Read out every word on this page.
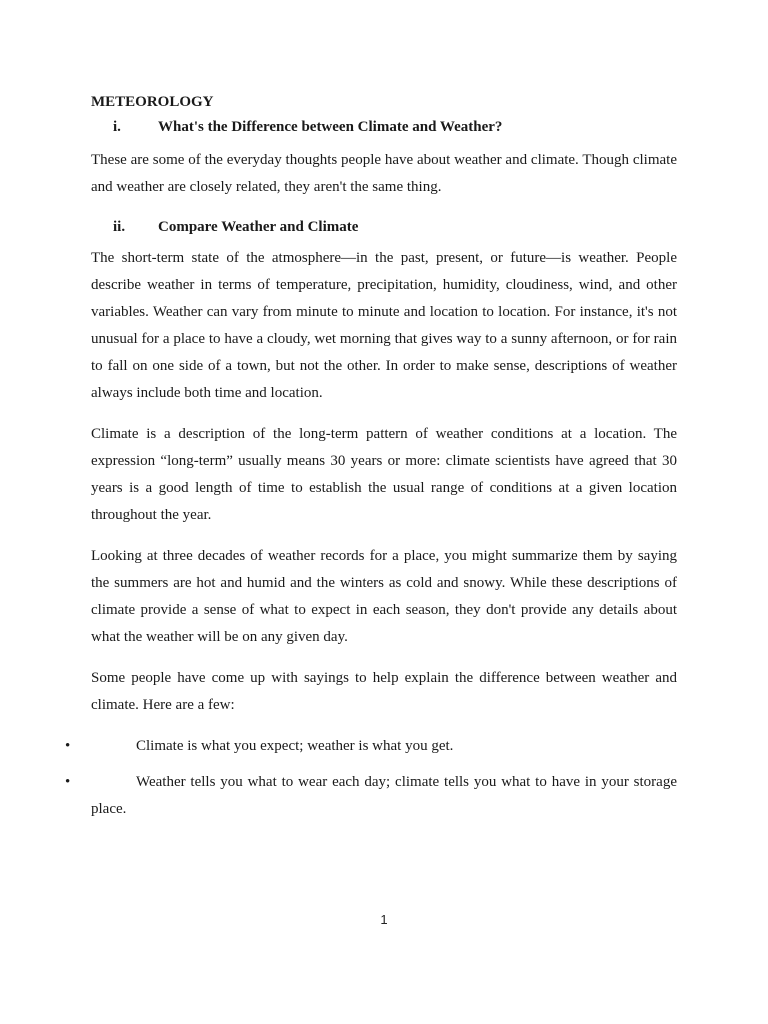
METEOROLOGY

i.	What's the Difference between Climate and Weather?

These are some of the everyday thoughts people have about weather and climate. Though climate and weather are closely related, they aren't the same thing.

ii.	Compare Weather and Climate

The short-term state of the atmosphere—in the past, present, or future—is weather. People describe weather in terms of temperature, precipitation, humidity, cloudiness, wind, and other variables. Weather can vary from minute to minute and location to location. For instance, it's not unusual for a place to have a cloudy, wet morning that gives way to a sunny afternoon, or for rain to fall on one side of a town, but not the other. In order to make sense, descriptions of weather always include both time and location.

Climate is a description of the long-term pattern of weather conditions at a location. The expression “long-term” usually means 30 years or more: climate scientists have agreed that 30 years is a good length of time to establish the usual range of conditions at a given location throughout the year.

Looking at three decades of weather records for a place, you might summarize them by saying the summers are hot and humid and the winters as cold and snowy. While these descriptions of climate provide a sense of what to expect in each season, they don't provide any details about what the weather will be on any given day.

Some people have come up with sayings to help explain the difference between weather and climate. Here are a few:

•	Climate is what you expect; weather is what you get.
•	Weather tells you what to wear each day; climate tells you what to have in your storage place.
1
